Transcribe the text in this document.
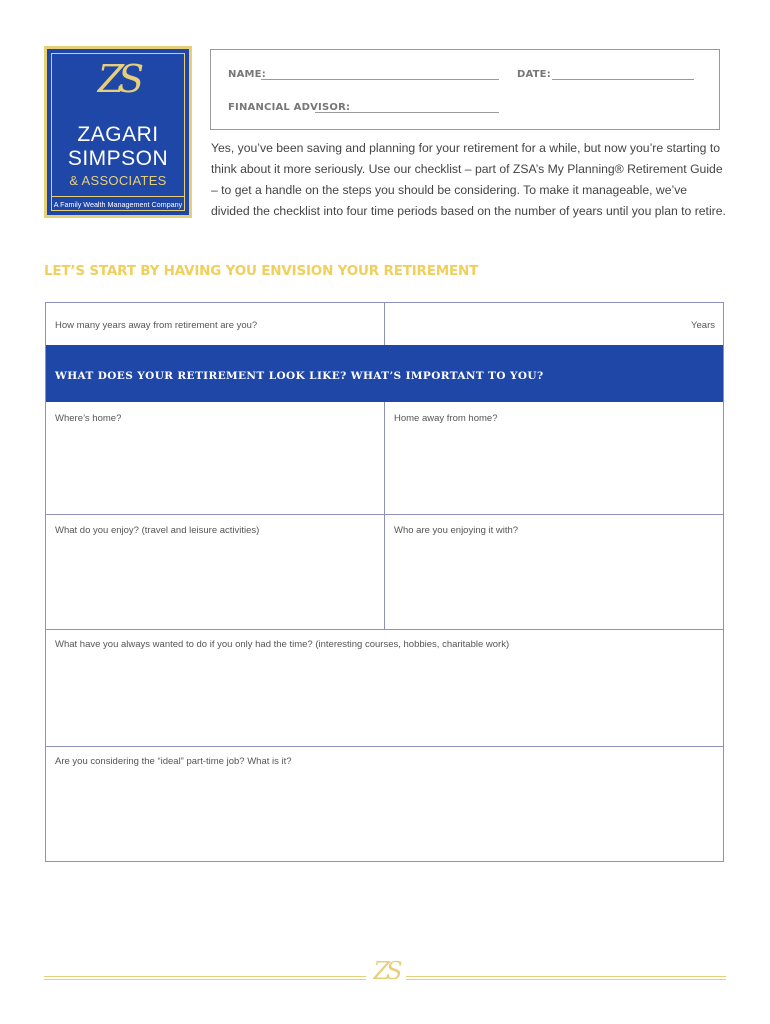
ZS
ZAGARI
SIMPSON
& ASSOCIATES
A Family Wealth Management Company
NAME:	DATE:
FINANCIAL ADVISOR:
Yes, you’ve been saving and planning for your retirement for a while, but now you’re starting to think about it more seriously. Use our checklist – part of ZSA’s My Planning® Retirement Guide – to get a handle on the steps you should be considering. To make it manageable, we’ve divided the checklist into four time periods based on the number of years until you plan to retire.
LET’S START BY HAVING YOU ENVISION YOUR RETIREMENT
How many years away from retirement are you?	Years
WHAT DOES YOUR RETIREMENT LOOK LIKE? WHAT’S IMPORTANT TO YOU?
Where’s home?	Home away from home?
What do you enjoy? (travel and leisure activities)	Who are you enjoying it with?
What have you always wanted to do if you only had the time? (interesting courses, hobbies, charitable work)
Are you considering the “ideal” part-time job? What is it?
ZS
